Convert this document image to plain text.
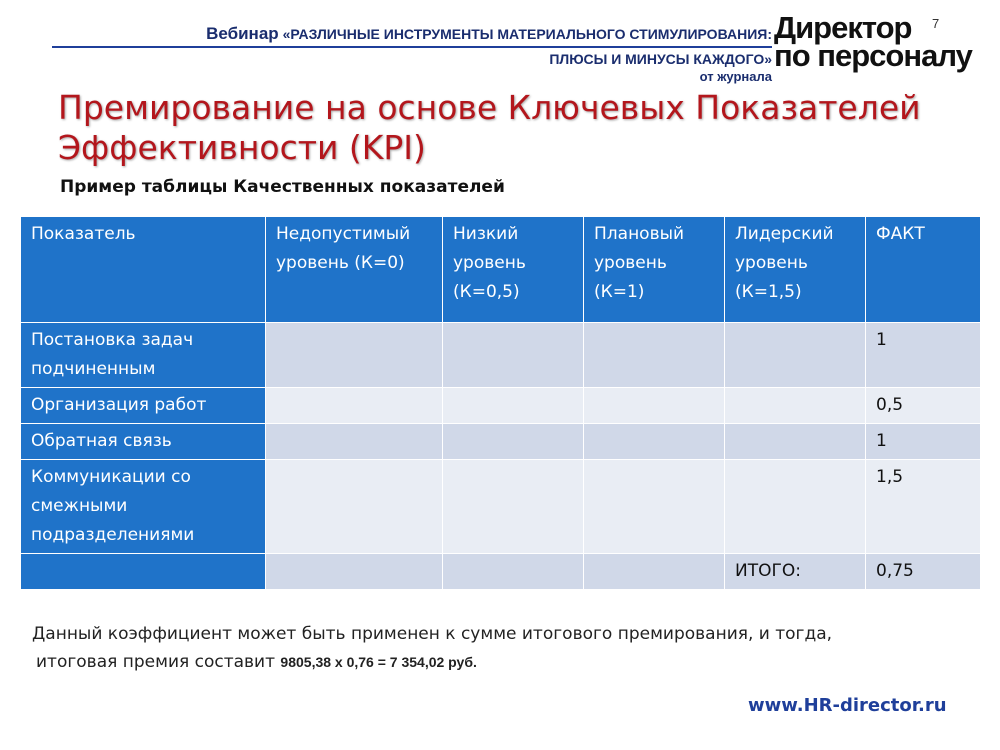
Вебинар «РАЗЛИЧНЫЕ ИНСТРУМЕНТЫ МАТЕРИАЛЬНОГО СТИМУЛИРОВАНИЯ:
ПЛЮСЫ И МИНУСЫ КАЖДОГО»
от журнала
Директор
по персоналу
7
Премирование на основе Ключевых Показателей Эффективности (KPI)
Пример таблицы Качественных показателей
Показатель	Недопустимый уровень (К=0)	Низкий уровень (К=0,5)	Плановый уровень (К=1)	Лидерский уровень (К=1,5)	ФАКТ
Постановка задач подчиненным					1
Организация работ					0,5
Обратная связь					1
Коммуникации со смежными подразделениями					1,5
				ИТОГО:	0,75
Данный коэффициент может быть применен к сумме итогового премирования, и тогда,
итоговая премия составит 9805,38 х 0,76 = 7 354,02 руб.
www.HR-director.ru
